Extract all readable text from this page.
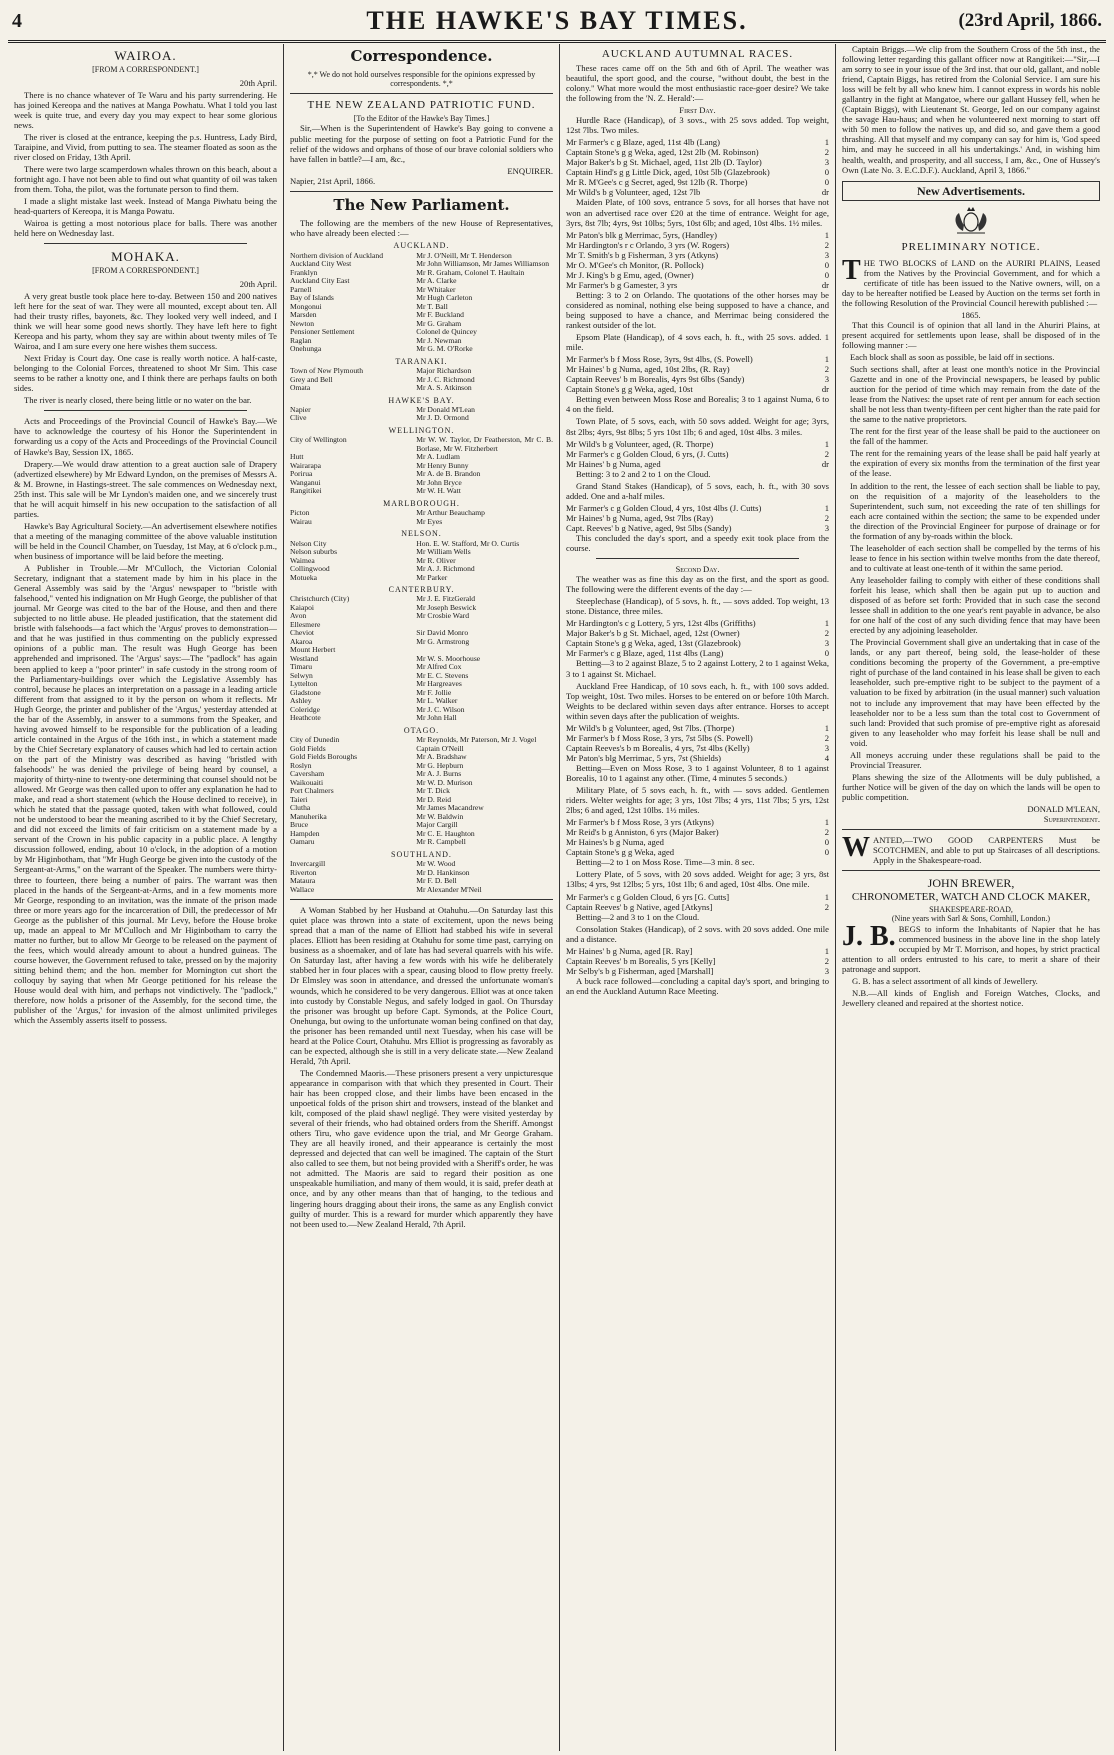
4	THE HAWKE'S BAY TIMES.	(23rd April, 1866.
WAIROA.
[FROM A CORRESPONDENT.]
20th April.

There is no chance whatever of Te Waru and his party surrendering. He has joined Kereopa and the natives at Manga Powhatu. What I told you last week is quite true, and every day you may expect to hear some glorious news.

The river is closed at the entrance, keeping the p.s. Huntress, Lady Bird, Taraipine, and Vivid, from putting to sea. The steamer floated as soon as the river closed on Friday, 13th April.

There were two large scamperdown whales thrown on this beach, about a fortnight ago. I have not been able to find out what quantity of oil was taken from them. Toha, the pilot, was the fortunate person to find them.

I made a slight mistake last week. Instead of Manga Piwhatu being the head-quarters of Kereopa, it is Manga Powatu.

Wairoa is getting a most notorious place for balls. There was another held here on Wednesday last.

MOHAKA.
[FROM A CORRESPONDENT.]
20th April.

A very great bustle took place here to-day. Between 150 and 200 natives left here for the seat of war. They were all mounted, except about ten. All had their trusty rifles, bayonets, &c. They looked very well indeed, and I think we will hear some good news shortly. They have left here to fight Kereopa and his party, whom they say are within about twenty miles of Te Wairoa, and I am sure every one here wishes them success.

Next Friday is Court day. One case is really worth notice. A half-caste, belonging to the Colonial Forces, threatened to shoot Mr Sim. This case seems to be rather a knotty one, and I think there are perhaps faults on both sides.

The river is nearly closed, there being little or no water on the bar.

Acts and Proceedings of the Provincial Council of Hawke's Bay.—We have to acknowledge the courtesy of his Honor the Superintendent in forwarding us a copy of the Acts and Proceedings of the Provincial Council of Hawke's Bay, Session IX, 1865.

Drapery.—We would draw attention to a great auction sale of Drapery (advertized elsewhere) by Mr Edward Lyndon, on the premises of Messrs A. & M. Browne, in Hastings-street. The sale commences on Wednesday next, 25th inst. This sale will be Mr Lyndon's maiden one, and we sincerely trust that he will acquit himself in his new occupation to the satisfaction of all parties.

Hawke's Bay Agricultural Society.—An advertisement elsewhere notifies that a meeting of the managing committee of the above valuable institution will be held in the Council Chamber, on Tuesday, 1st May, at 6 o'clock p.m., when business of importance will be laid before the meeting.

A Publisher in Trouble.—Mr M'Culloch, the Victorian Colonial Secretary, indignant that a statement made by him in his place in the General Assembly was said by the 'Argus' newspaper to "bristle with falsehood," vented his indignation on Mr Hugh George, the publisher of that journal. Mr George was cited to the bar of the House, and then and there subjected to no little abuse. He pleaded justification, that the statement did bristle with falsehoods—a fact which the 'Argus' proves to demonstration—and that he was justified in thus commenting on the publicly expressed opinions of a public man. The result was Hugh George has been apprehended and imprisoned. The 'Argus' says:—The "padlock" has again been applied to keep a "poor printer" in safe custody in the strong room of the Parliamentary-buildings over which the Legislative Assembly has control, because he places an interpretation on a passage in a leading article different from that assigned to it by the person on whom it reflects. Mr Hugh George, the printer and publisher of the 'Argus,' yesterday attended at the bar of the Assembly, in answer to a summons from the Speaker, and having avowed himself to be responsible for the publication of a leading article contained in the Argus of the 16th inst., in which a statement made by the Chief Secretary explanatory of causes which had led to certain action on the part of the Ministry was described as having "bristled with falsehoods" he was denied the privilege of being heard by counsel, a majority of thirty-nine to twenty-one determining that counsel should not be allowed. Mr George was then called upon to offer any explanation he had to make, and read a short statement (which the House declined to receive), in which he stated that the passage quoted, taken with what followed, could not be understood to bear the meaning ascribed to it by the Chief Secretary, and did not exceed the limits of fair criticism on a statement made by a servant of the Crown in his public capacity in a public place. A lengthy discussion followed, ending, about 10 o'clock, in the adoption of a motion by Mr Higinbotham, that "Mr Hugh George be given into the custody of the Sergeant-at-Arms," on the warrant of the Speaker. The numbers were thirty-three to fourteen, there being a number of pairs. The warrant was then placed in the hands of the Sergeant-at-Arms, and in a few moments more Mr George, responding to an invitation, was the inmate of the prison made three or more years ago for the incarceration of Dill, the predecessor of Mr George as the publisher of this journal. Mr Levy, before the House broke up, made an appeal to Mr M'Culloch and Mr Higinbotham to carry the matter no further, but to allow Mr George to be released on the payment of the fees, which would already amount to about a hundred guineas. The course however, the Government refused to take, pressed on by the majority sitting behind them; and the hon. member for Mornington cut short the colloquy by saying that when Mr George petitioned for his release the House would deal with him, and perhaps not vindictively. The "padlock," therefore, now holds a prisoner of the Assembly, for the second time, the publisher of the 'Argus,' for invasion of the almost unlimited privileges which the Assembly asserts itself to possess.

Correspondence.
*,* We do not hold ourselves responsible for the opinions expressed by correspondents. *,*
THE NEW ZEALAND PATRIOTIC FUND.
[To the Editor of the Hawke's Bay Times.]

Sir,—When is the Superintendent of Hawke's Bay going to convene a public meeting for the purpose of setting on foot a Patriotic Fund for the relief of the widows and orphans of those of our brave colonial soldiers who have fallen in battle?—I am, &c.,

ENQUIRER.
Napier, 21st April, 1866.
The New Parliament.

The following are the members of the new House of Representatives, who have already been elected :—

AUCKLAND.
Northern division of Auckland	Mr J. O'Neill, Mr T. Henderson
Auckland City West	Mr John Williamson, Mr James Williamson
Franklyn	Mr R. Graham, Colonel T. Haultain
Auckland City East	Mr A. Clarke
Parnell	Mr Whitaker
Bay of Islands	Mr Hugh Carleton
Mongonui	Mr T. Ball
Marsden	Mr F. Buckland
Newton	Mr G. Graham
Pensioner Settlement	Colonel de Quincey
Raglan	Mr J. Newman
Onehunga	Mr G. M. O'Rorke
TARANAKI.
Town of New Plymouth	Major Richardson
Grey and Bell	Mr J. C. Richmond
Omata	Mr A. S. Atkinson
HAWKE'S BAY.
Napier	Mr Donald M'Lean
Clive	Mr J. D. Ormond
WELLINGTON.
City of Wellington	Mr W. W. Taylor, Dr Featherston, Mr C. B. Borlase, Mr W. Fitzherbert
Hutt	Mr A. Ludlam
Wairarapa	Mr Henry Bunny
Porirua	Mr A. de B. Brandon
Wanganui	Mr John Bryce
Rangitikei	Mr W. H. Watt
MARLBOROUGH.
Picton	Mr Arthur Beauchamp
Wairau	Mr Eyes
NELSON.
Nelson City	Hon. E. W. Stafford, Mr O. Curtis
Nelson suburbs	Mr William Wells
Waimea	Mr R. Oliver
Collingwood	Mr A. J. Richmond
Motueka	Mr Parker
CANTERBURY.
Christchurch (City)	Mr J. E. FitzGerald
Kaiapoi	Mr Joseph Beswick
Avon	Mr Crosbie Ward
Ellesmere	
Cheviot	Sir David Monro
Akaroa	Mr G. Armstrong
Mount Herbert	
Westland	Mr W. S. Moorhouse
Timaru	Mr Alfred Cox
Selwyn	Mr E. C. Stevens
Lyttelton	Mr Hargreaves
Gladstone	Mr F. Jollie
Ashley	Mr L. Walker
Coleridge	Mr J. C. Wilson
Heathcote	Mr John Hall
OTAGO.
City of Dunedin	Mr Reynolds, Mr Paterson, Mr J. Vogel
Gold Fields	Captain O'Neill
Gold Fields Boroughs	Mr A. Bradshaw
Roslyn	Mr G. Hepburn
Caversham	Mr A. J. Burns
Waikouaiti	Mr W. D. Murison
Port Chalmers	Mr T. Dick
Taieri	Mr D. Reid
Clutha	Mr James Macandrew
Manuherika	Mr W. Baldwin
Bruce	Major Cargill
Hampden	Mr C. E. Haughton
Oamaru	Mr R. Campbell
SOUTHLAND.
Invercargill	Mr W. Wood
Riverton	Mr D. Hankinson
Mataura	Mr F. D. Bell
Wallace	Mr Alexander M'Neil

A Woman Stabbed by her Husband at Otahuhu.—On Saturday last this quiet place was thrown into a state of excitement, upon the news being spread that a man of the name of Elliott had stabbed his wife in several places. Elliott has been residing at Otahuhu for some time past, carrying on business as a shoemaker, and of late has had several quarrels with his wife. On Saturday last, after having a few words with his wife he deliberately stabbed her in four places with a spear, causing blood to flow pretty freely. Dr Elmsley was soon in attendance, and dressed the unfortunate woman's wounds, which he considered to be very dangerous. Elliot was at once taken into custody by Constable Negus, and safely lodged in gaol. On Thursday the prisoner was brought up before Capt. Symonds, at the Police Court, Onehunga, but owing to the unfortunate woman being confined on that day, the prisoner has been remanded until next Tuesday, when his case will be heard at the Police Court, Otahuhu. Mrs Elliot is progressing as favorably as can be expected, although she is still in a very delicate state.—New Zealand Herald, 7th April.

The Condemned Maoris.—These prisoners present a very unpicturesque appearance in comparison with that which they presented in Court. Their hair has been cropped close, and their limbs have been encased in the unpoetical folds of the prison shirt and trowsers, instead of the blanket and kilt, composed of the plaid shawl negligé. They were visited yesterday by several of their friends, who had obtained orders from the Sheriff. Amongst others Tiru, who gave evidence upon the trial, and Mr George Graham. They are all heavily ironed, and their appearance is certainly the most depressed and dejected that can well be imagined. The captain of the Sturt also called to see them, but not being provided with a Sheriff's order, he was not admitted. The Maoris are said to regard their position as one unspeakable humiliation, and many of them would, it is said, prefer death at once, and by any other means than that of hanging, to the tedious and lingering hours dragging about their irons, the same as any English convict guilty of murder. This is a reward for murder which apparently they have not been used to.—New Zealand Herald, 7th April.

AUCKLAND AUTUMNAL RACES.

These races came off on the 5th and 6th of April. The weather was beautiful, the sport good, and the course, "without doubt, the best in the colony." What more would the most enthusiastic race-goer desire? We take the following from the 'N. Z. Herald':—

First Day.

Hurdle Race (Handicap), of 3 sovs., with 25 sovs added. Top weight, 12st 7lbs. Two miles.

Mr Farmer's c g Blaze, aged, 11st 4lb (Lang)	1
Captain Stone's g g Weka, aged, 12st 2lb (M. Robinson)	2
Major Baker's b g St. Michael, aged, 11st 2lb (D. Taylor)	3
Captain Hind's g g Little Dick, aged, 10st 5lb (Glazebrook)	0
Mr R. M'Gee's c g Secret, aged, 9st 12lb (R. Thorpe)	0
Mr Wild's b g Volunteer, aged, 12st 7lb	dr

Maiden Plate, of 100 sovs, entrance 5 sovs, for all horses that have not won an advertised race over £20 at the time of entrance. Weight for age, 3yrs, 8st 7lb; 4yrs, 9st 10lbs; 5yrs, 10st 6lb; and aged, 10st 4lbs. 1½ miles.

Mr Paton's blk g Merrimac, 5yrs, (Handley)	1
Mr Hardington's r c Orlando, 3 yrs (W. Rogers)	2
Mr T. Smith's b g Fisherman, 3 yrs (Atkyns)	3
Mr O. M'Gee's ch Monitor, (R. Pollock)	0
Mr J. King's b g Emu, aged, (Owner)	0
Mr Farmer's b g Gamester, 3 yrs	dr

Betting: 3 to 2 on Orlando. The quotations of the other horses may be considered as nominal, nothing else being supposed to have a chance, and being supposed to have a chance, and Merrimac being considered the rankest outsider of the lot.

Epsom Plate (Handicap), of 4 sovs each, h. ft., with 25 sovs. added. 1 mile.

Mr Farmer's b f Moss Rose, 3yrs, 9st 4lbs, (S. Powell)	1
Mr Haines' b g Numa, aged, 10st 2lbs, (R. Ray)	2
Captain Reeves' b m Borealis, 4yrs 9st 6lbs (Sandy)	3
Captain Stone's g g Weka, aged, 10st	dr

Betting even between Moss Rose and Borealis; 3 to 1 against Numa, 6 to 4 on the field.

Town Plate, of 5 sovs, each, with 50 sovs added. Weight for age; 3yrs, 8st 2lbs; 4yrs, 9st 8lbs; 5 yrs 10st 1lb; 6 and aged, 10st 4lbs. 3 miles.

Mr Wild's b g Volunteer, aged, (R. Thorpe)	1
Mr Farmer's c g Golden Cloud, 6 yrs, (J. Cutts)	2
Mr Haines' b g Numa, aged	dr

Betting: 3 to 2 and 2 to 1 on the Cloud.

Grand Stand Stakes (Handicap), of 5 sovs, each, h. ft., with 30 sovs added. One and a-half miles.

Mr Farmer's c g Golden Cloud, 4 yrs, 10st 4lbs (J. Cutts)	1
Mr Haines' b g Numa, aged, 9st 7lbs (Ray)	2
Capt. Reeves' b g Native, aged, 9st 5lbs (Sandy)	3

This concluded the day's sport, and a speedy exit took place from the course.

Second Day.

The weather was as fine this day as on the first, and the sport as good. The following were the different events of the day :—

Steeplechase (Handicap), of 5 sovs, h. ft., — sovs added. Top weight, 13 stone. Distance, three miles.

Mr Hardington's c g Lottery, 5 yrs, 12st 4lbs (Griffiths)	1
Major Baker's b g St. Michael, aged, 12st (Owner)	2
Captain Stone's g g Weka, aged, 13st (Glazebrook)	3
Mr Farmer's c g Blaze, aged, 11st 4lbs (Lang)	0

Betting—3 to 2 against Blaze, 5 to 2 against Lottery, 2 to 1 against Weka, 3 to 1 against St. Michael.

Auckland Free Handicap, of 10 sovs each, h. ft., with 100 sovs added. Top weight, 10st. Two miles. Horses to be entered on or before 10th March. Weights to be declared within seven days after entrance. Horses to accept within seven days after the publication of weights.

Mr Wild's b g Volunteer, aged, 9st 7lbs. (Thorpe)	1
Mr Farmer's b f Moss Rose, 3 yrs, 7st 5lbs (S. Powell)	2
Captain Reeves's b m Borealis, 4 yrs, 7st 4lbs (Kelly)	3
Mr Paton's blg Merrimac, 5 yrs, 7st (Shields)	4

Betting—Even on Moss Rose, 3 to 1 against Volunteer, 8 to 1 against Borealis, 10 to 1 against any other. (Time, 4 minutes 5 seconds.)

Military Plate, of 5 sovs each, h. ft., with — sovs added. Gentlemen riders. Welter weights for age; 3 yrs, 10st 7lbs; 4 yrs, 11st 7lbs; 5 yrs, 12st 2lbs; 6 and aged, 12st 10lbs. 1½ miles.

Mr Farmer's b f Moss Rose, 3 yrs (Atkyns)	1
Mr Reid's b g Anniston, 6 yrs (Major Baker)	2
Mr Haines's b g Numa, aged	0
Captain Stone's g g Weka, aged	0

Betting—2 to 1 on Moss Rose. Time—3 min. 8 sec.

Lottery Plate, of 5 sovs, with 20 sovs added. Weight for age; 3 yrs, 8st 13lbs; 4 yrs, 9st 12lbs; 5 yrs, 10st 1lb; 6 and aged, 10st 4lbs. One mile.

Mr Farmer's c g Golden Cloud, 6 yrs [G. Cutts]	1
Captain Reeves' b g Native, aged [Atkyns]	2

Betting—2 and 3 to 1 on the Cloud.

Consolation Stakes (Handicap), of 2 sovs. with 20 sovs added. One mile and a distance.

Mr Haines' b g Numa, aged [R. Ray]	1
Captain Reeves' b m Borealis, 5 yrs [Kelly]	2
Mr Selby's b g Fisherman, aged [Marshall]	3

A buck race followed—concluding a capital day's sport, and bringing to an end the Auckland Autumn Race Meeting.

Captain Briggs.—We clip from the Southern Cross of the 5th inst., the following letter regarding this gallant officer now at Rangitikei:—"Sir,—I am sorry to see in your issue of the 3rd inst. that our old, gallant, and noble friend, Captain Biggs, has retired from the Colonial Service. I am sure his loss will be felt by all who knew him. I cannot express in words his noble gallantry in the fight at Mangatoe, where our gallant Hussey fell, when he (Captain Biggs), with Lieutenant St. George, led on our company against the savage Hau-haus; and when he volunteered next morning to start off with 50 men to follow the natives up, and did so, and gave them a good thrashing. All that myself and my company can say for him is, 'God speed him, and may he succeed in all his undertakings.' And, in wishing him health, wealth, and prosperity, and all success, I am, &c., One of Hussey's Own (Late No. 3. E.C.D.F.). Auckland, April 3, 1866."

New Advertisements.
PRELIMINARY NOTICE.

THE TWO BLOCKS of LAND on the AURIRI PLAINS, Leased from the Natives by the Provincial Government, and for which a certificate of title has been issued to the Native owners, will, on a day to be hereafter notified be Leased by Auction on the terms set forth in the following Resolution of the Provincial Council herewith published :—

1865.

That this Council is of opinion that all land in the Ahuriri Plains, at present acquired for settlements upon lease, shall be disposed of in the following manner :—

Each block shall as soon as possible, be laid off in sections.

Such sections shall, after at least one month's notice in the Provincial Gazette and in one of the Provincial newspapers, be leased by public auction for the period of time which may remain from the date of the lease from the Natives: the upset rate of rent per annum for each section shall be not less than twenty-fifteen per cent higher than the rate paid for the same to the native proprietors.

The rent for the first year of the lease shall be paid to the auctioneer on the fall of the hammer.

The rent for the remaining years of the lease shall be paid half yearly at the expiration of every six months from the termination of the first year of the lease.

In addition to the rent, the lessee of each section shall be liable to pay, on the requisition of a majority of the leaseholders to the Superintendent, such sum, not exceeding the rate of ten shillings for each acre contained within the section; the same to be expended under the direction of the Provincial Engineer for purpose of drainage or for the formation of any by-roads within the block.

The leaseholder of each section shall be compelled by the terms of his lease to fence in his section within twelve months from the date thereof, and to cultivate at least one-tenth of it within the same period.

Any leaseholder failing to comply with either of these conditions shall forfeit his lease, which shall then be again put up to auction and disposed of as before set forth: Provided that in such case the second lessee shall in addition to the one year's rent payable in advance, be also for one half of the cost of any such dividing fence that may have been erected by any adjoining leaseholder.

The Provincial Government shall give an undertaking that in case of the lands, or any part thereof, being sold, the lease-holder of these conditions becoming the property of the Government, a pre-emptive right of purchase of the land contained in his lease shall be given to each leaseholder, such pre-emptive right to be subject to the payment of a valuation to be fixed by arbitration (in the usual manner) such valuation not to include any improvement that may have been effected by the leaseholder nor to be a less sum than the total cost to Government of such land: Provided that such promise of pre-emptive right as aforesaid given to any leaseholder who may forfeit his lease shall be null and void.

All moneys accruing under these regulations shall be paid to the Provincial Treasurer.

Plans shewing the size of the Allotments will be duly published, a further Notice will be given of the day on which the lands will be open to public competition.

DONALD M'LEAN,
Superintendent.

WANTED,—TWO GOOD CARPENTERS Must be SCOTCHMEN, and able to put up Staircases of all descriptions. Apply in the Shakespeare-road.

JOHN BREWER,
CHRONOMETER, WATCH AND CLOCK MAKER,
SHAKESPEARE-ROAD,
(Nine years with Sarl & Sons, Cornhill, London.)

J. B. BEGS to inform the Inhabitants of Napier that he has commenced business in the above line in the shop lately occupied by Mr T. Morrison, and hopes, by strict practical attention to all orders entrusted to his care, to merit a share of their patronage and support.

G. B. has a select assortment of all kinds of Jewellery.

N.B.—All kinds of English and Foreign Watches, Clocks, and Jewellery cleaned and repaired at the shortest notice.
